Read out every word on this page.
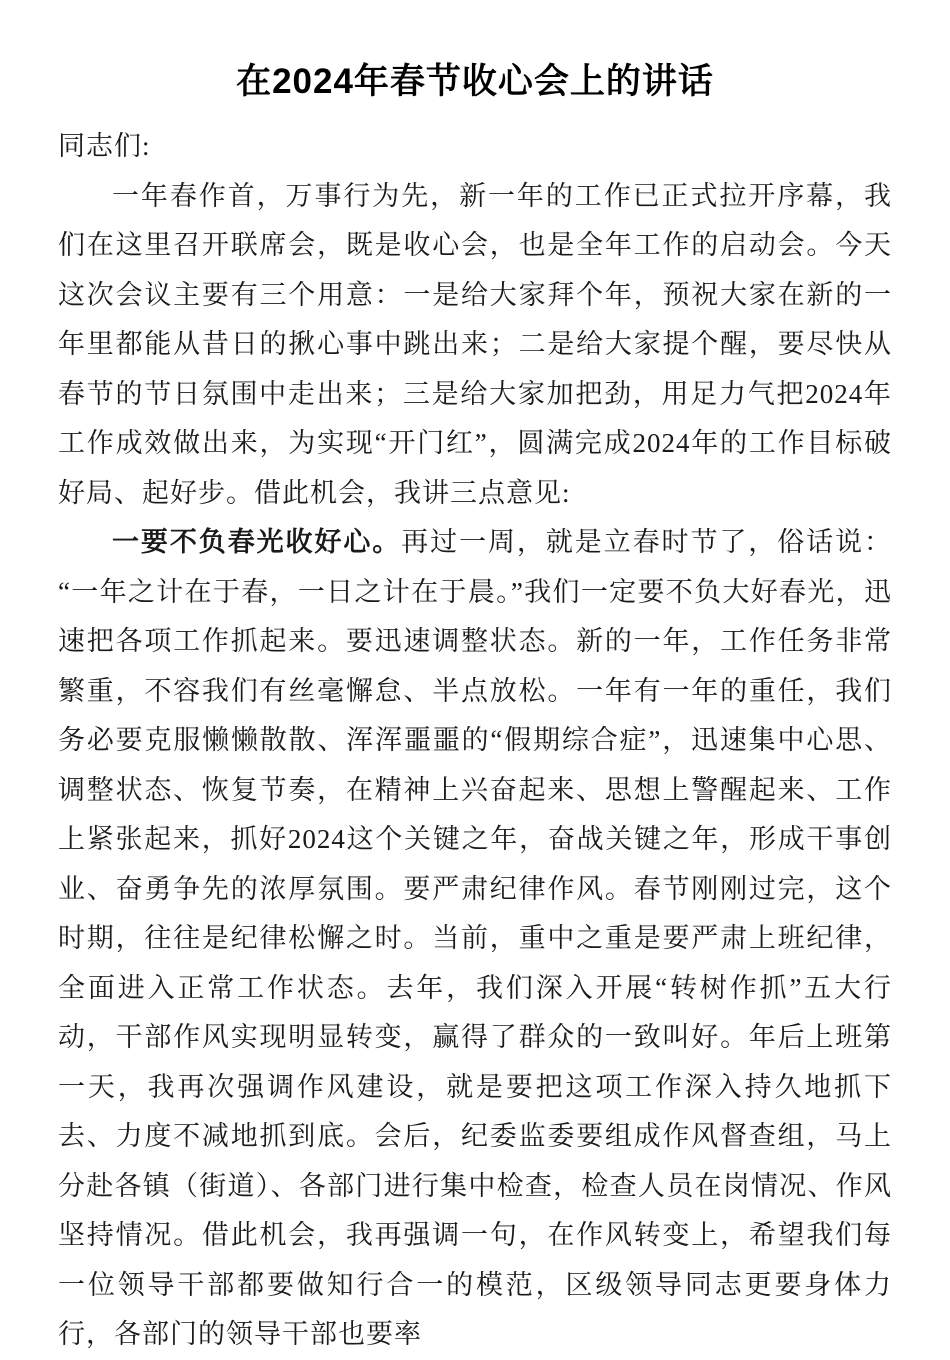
在2024年春节收心会上的讲话

同志们:

一年春作首，万事行为先，新一年的工作已正式拉开序幕，我们在这里召开联席会，既是收心会，也是全年工作的启动会。今天这次会议主要有三个用意：一是给大家拜个年，预祝大家在新的一年里都能从昔日的揪心事中跳出来；二是给大家提个醒，要尽快从春节的节日氛围中走出来；三是给大家加把劲，用足力气把2024年工作成效做出来，为实现“开门红”，圆满完成2024年的工作目标破好局、起好步。借此机会，我讲三点意见:

一要不负春光收好心。再过一周，就是立春时节了，俗话说：“一年之计在于春，一日之计在于晨。”我们一定要不负大好春光，迅速把各项工作抓起来。要迅速调整状态。新的一年，工作任务非常繁重，不容我们有丝毫懈怠、半点放松。一年有一年的重任，我们务必要克服懒懒散散、浑浑噩噩的“假期综合症”，迅速集中心思、调整状态、恢复节奏，在精神上兴奋起来、思想上警醒起来、工作上紧张起来，抓好2024这个关键之年，奋战关键之年，形成干事创业、奋勇争先的浓厚氛围。要严肃纪律作风。春节刚刚过完，这个时期，往往是纪律松懈之时。当前，重中之重是要严肃上班纪律，全面进入正常工作状态。去年，我们深入开展“转树作抓”五大行动，干部作风实现明显转变，赢得了群众的一致叫好。年后上班第一天，我再次强调作风建设，就是要把这项工作深入持久地抓下去、力度不减地抓到底。会后，纪委监委要组成作风督查组，马上分赴各镇（街道）、各部门进行集中检查，检查人员在岗情况、作风坚持情况。借此机会，我再强调一句，在作风转变上，希望我们每一位领导干部都要做知行合一的模范，区级领导同志更要身体力行，各部门的领导干部也要率
